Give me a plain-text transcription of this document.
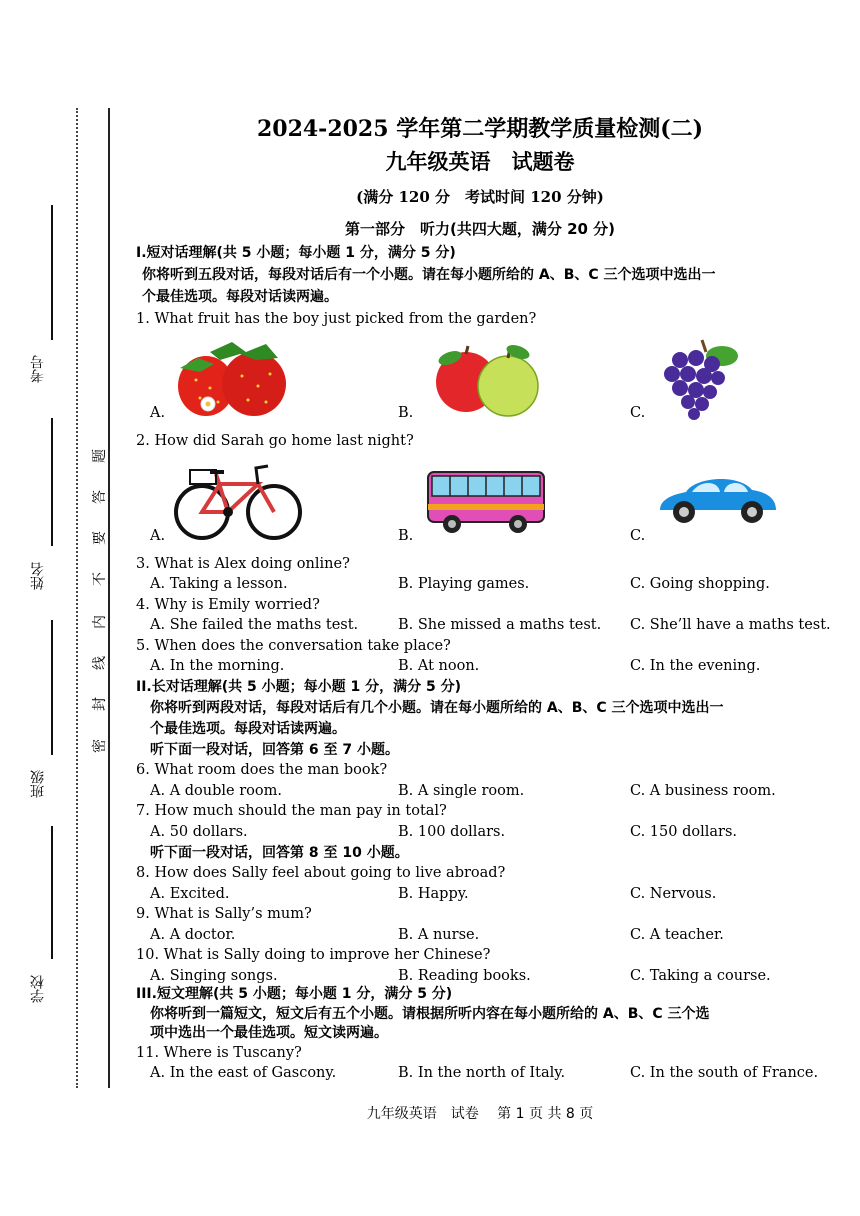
考号
姓名
班级
学校
题
答
要
不
内
线
封
密
2024-2025 学年第二学期教学质量检测(二)
九年级英语　试题卷
(满分 120 分　考试时间 120 分钟)
第一部分　听力(共四大题，满分 20 分)
I.短对话理解(共 5 小题；每小题 1 分，满分 5 分)
你将听到五段对话，每段对话后有一个小题。请在每小题所给的 A、B、C 三个选项中选出一
个最佳选项。每段对话读两遍。
1. What fruit has the boy just picked from the garden?
A.	B.	C.
2. How did Sarah go home last night?
A.	B.	C.
3. What is Alex doing online?
A. Taking a lesson.	B. Playing games.	C. Going shopping.
4. Why is Emily worried?
A. She failed the maths test.	B. She missed a maths test. C. She’ll have a maths test.
5. When does the conversation take place?
A. In the morning.	B. At noon.	C. In the evening.
II.长对话理解(共 5 小题；每小题 1 分，满分 5 分)
你将听到两段对话，每段对话后有几个小题。请在每小题所给的 A、B、C 三个选项中选出一
个最佳选项。每段对话读两遍。
听下面一段对话，回答第 6 至 7 小题。
6. What room does the man book?
A. A double room.	B. A single room.	C. A business room.
7. How much should the man pay in total?
A. 50 dollars.	B. 100 dollars.	C. 150 dollars.
听下面一段对话，回答第 8 至 10 小题。
8. How does Sally feel about going to live abroad?
A. Excited.	B. Happy.	C. Nervous.
9. What is Sally’s mum?
A. A doctor.	B. A nurse.	C. A teacher.
10. What is Sally doing to improve her Chinese?
A. Singing songs.	B. Reading books.	C. Taking a course.
III.短文理解(共 5 小题；每小题 1 分，满分 5 分)
你将听到一篇短文，短文后有五个小题。请根据所听内容在每小题所给的 A、B、C 三个选
项中选出一个最佳选项。短文读两遍。
11. Where is Tuscany?
A. In the east of Gascony.	B. In the north of Italy.	C. In the south of France.
九年级英语　试卷　 第 1 页 共 8 页
